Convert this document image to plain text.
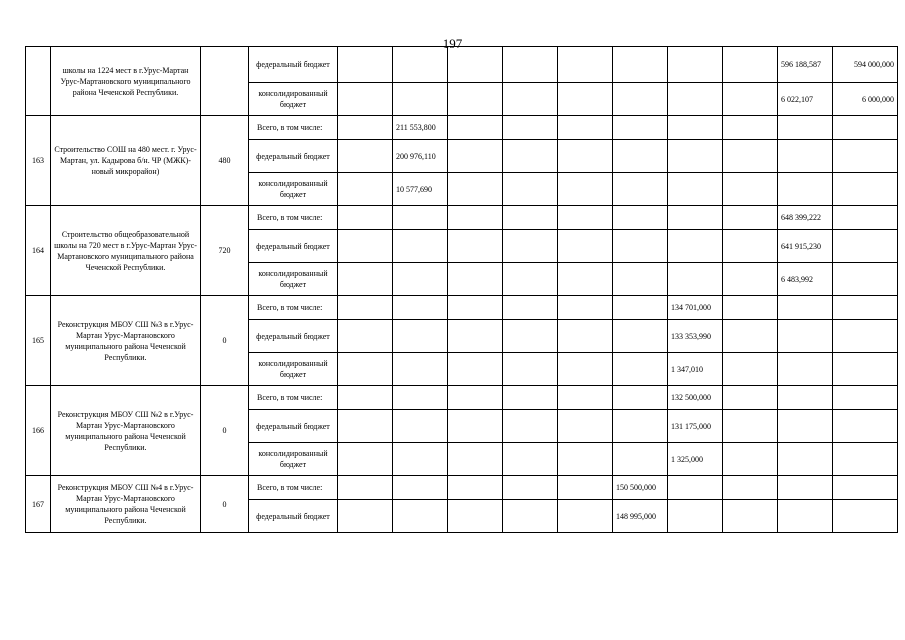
197
	школы на 1224 мест в г.Урус-Мартан Урус-Мартановского муниципального района Чеченской Республики.		федеральный бюджет									596 188,587	594 000,000
			консолидированный бюджет									6 022,107	6 000,000
163	Строительство СОШ на 480 мест. г. Урус-Мартан, ул. Кадырова б/н. ЧР (МЖК)- новый микрорайон)	480	Всего, в том числе:		211 553,800								
			федеральный бюджет		200 976,110								
			консолидированный бюджет		10 577,690								
164	Строительство общеобразовательной школы на 720 мест в г.Урус-Мартан Урус-Мартановского муниципального района Чеченской Республики.	720	Всего, в том числе:									648 399,222	
			федеральный бюджет									641 915,230	
			консолидированный бюджет									6 483,992	
165	Реконструкция МБОУ СШ №3 в г.Урус-Мартан Урус-Мартановского муниципального района Чеченской Республики.	0	Всего, в том числе:							134 701,000			
			федеральный бюджет							133 353,990			
			консолидированный бюджет							1 347,010			
166	Реконструкция МБОУ СШ №2 в г.Урус-Мартан Урус-Мартановского муниципального района Чеченской Республики.	0	Всего, в том числе:							132 500,000			
			федеральный бюджет							131 175,000			
			консолидированный бюджет							1 325,000			
167	Реконструкция МБОУ СШ №4 в г.Урус-Мартан Урус-Мартановского муниципального района Чеченской Республики.	0	Всего, в том числе:						150 500,000				
			федеральный бюджет						148 995,000				
